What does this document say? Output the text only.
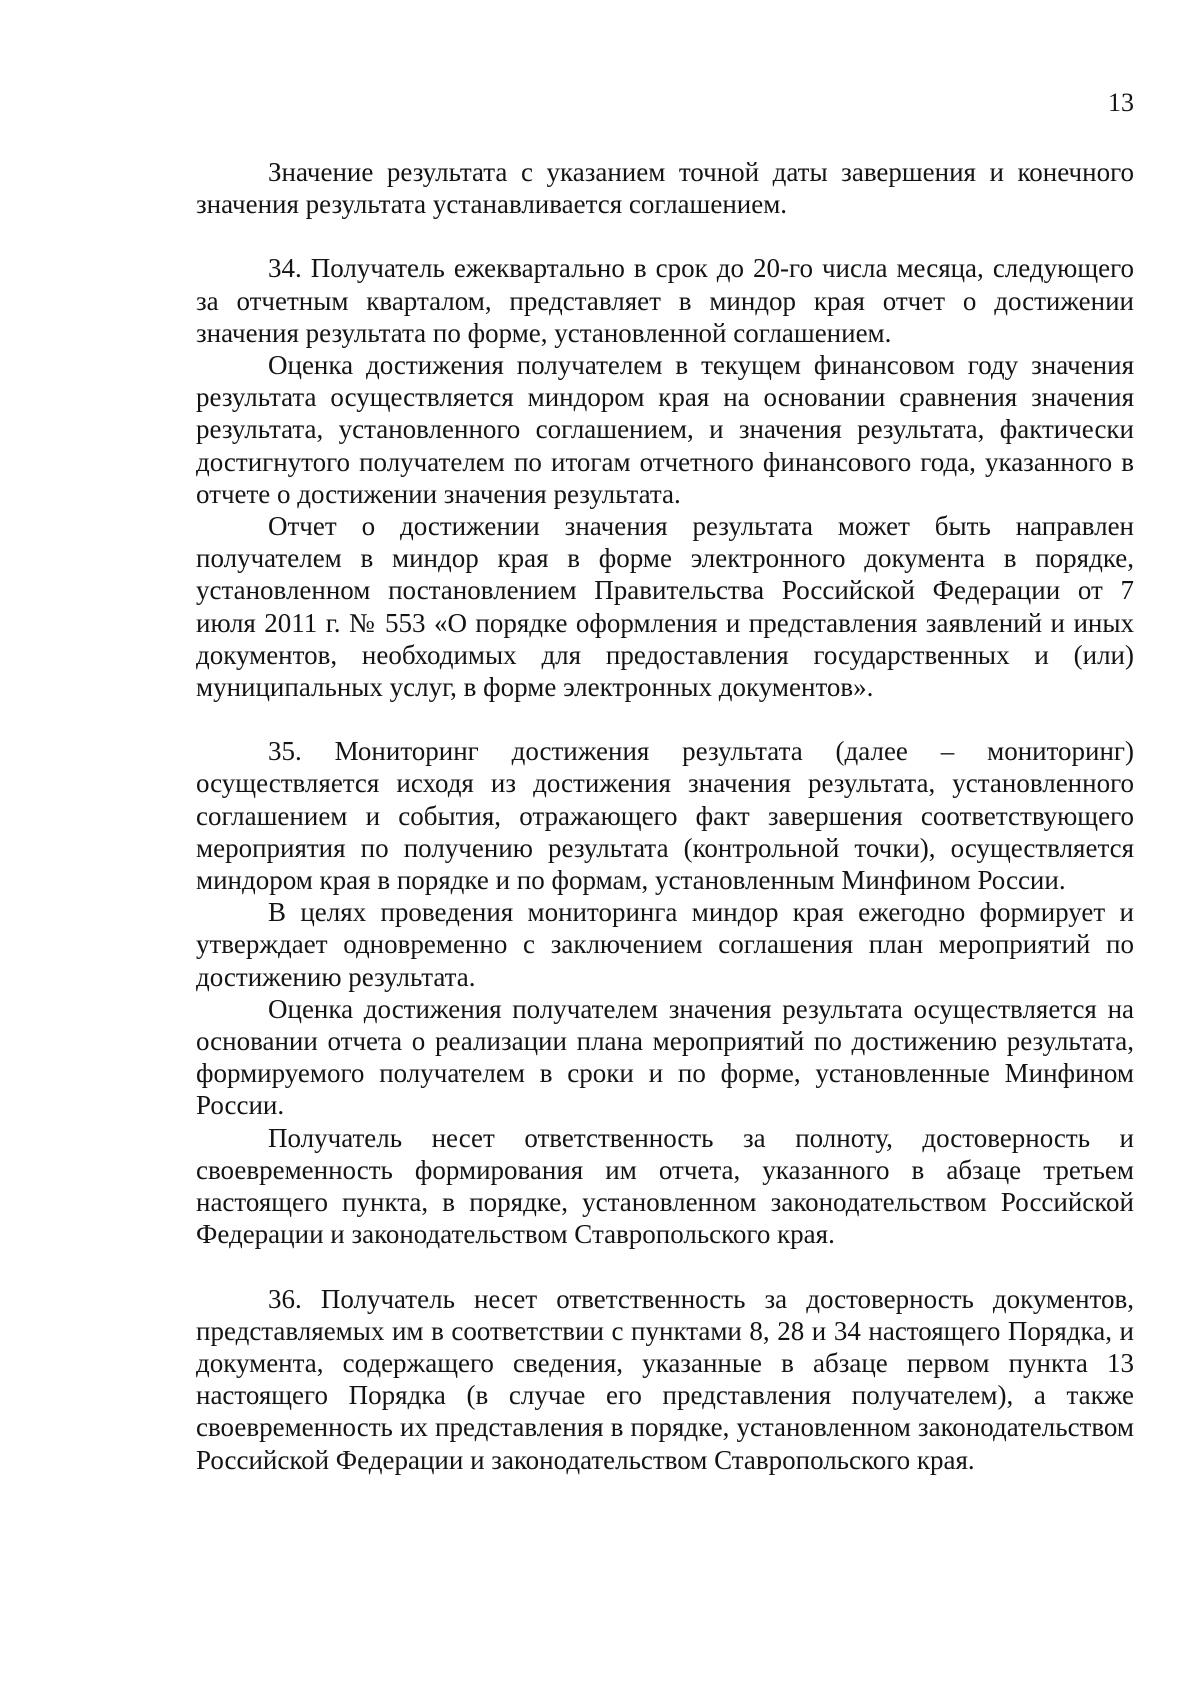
13

Значение результата с указанием точной даты завершения и конечного значения результата устанавливается соглашением.

34. Получатель ежеквартально в срок до 20-го числа месяца, следующего за отчетным кварталом, представляет в миндор края отчет о достижении значения результата по форме, установленной соглашением.

Оценка достижения получателем в текущем финансовом году значения результата осуществляется миндором края на основании сравнения значения результата, установленного соглашением, и значения результата, фактически достигнутого получателем по итогам отчетного финансового года, указанного в отчете о достижении значения результата.

Отчет о достижении значения результата может быть направлен получателем в миндор края в форме электронного документа в порядке, установленном постановлением Правительства Российской Федерации от 7 июля 2011 г. № 553 «О порядке оформления и представления заявлений и иных документов, необходимых для предоставления государственных и (или) муниципальных услуг, в форме электронных документов».

35. Мониторинг достижения результата (далее – мониторинг) осуществляется исходя из достижения значения результата, установленного соглашением и события, отражающего факт завершения соответствующего мероприятия по получению результата (контрольной точки), осуществляется миндором края в порядке и по формам, установленным Минфином России.

В целях проведения мониторинга миндор края ежегодно формирует и утверждает одновременно с заключением соглашения план мероприятий по достижению результата.

Оценка достижения получателем значения результата осуществляется на основании отчета о реализации плана мероприятий по достижению результата, формируемого получателем в сроки и по форме, установленные Минфином России.

Получатель несет ответственность за полноту, достоверность и своевременность формирования им отчета, указанного в абзаце третьем настоящего пункта, в порядке, установленном законодательством Российской Федерации и законодательством Ставропольского края.

36. Получатель несет ответственность за достоверность документов, представляемых им в соответствии с пунктами 8, 28 и 34 настоящего Порядка, и документа, содержащего сведения, указанные в абзаце первом пункта 13 настоящего Порядка (в случае его представления получателем), а также своевременность их представления в порядке, установленном законодательством Российской Федерации и законодательством Ставропольского края.
